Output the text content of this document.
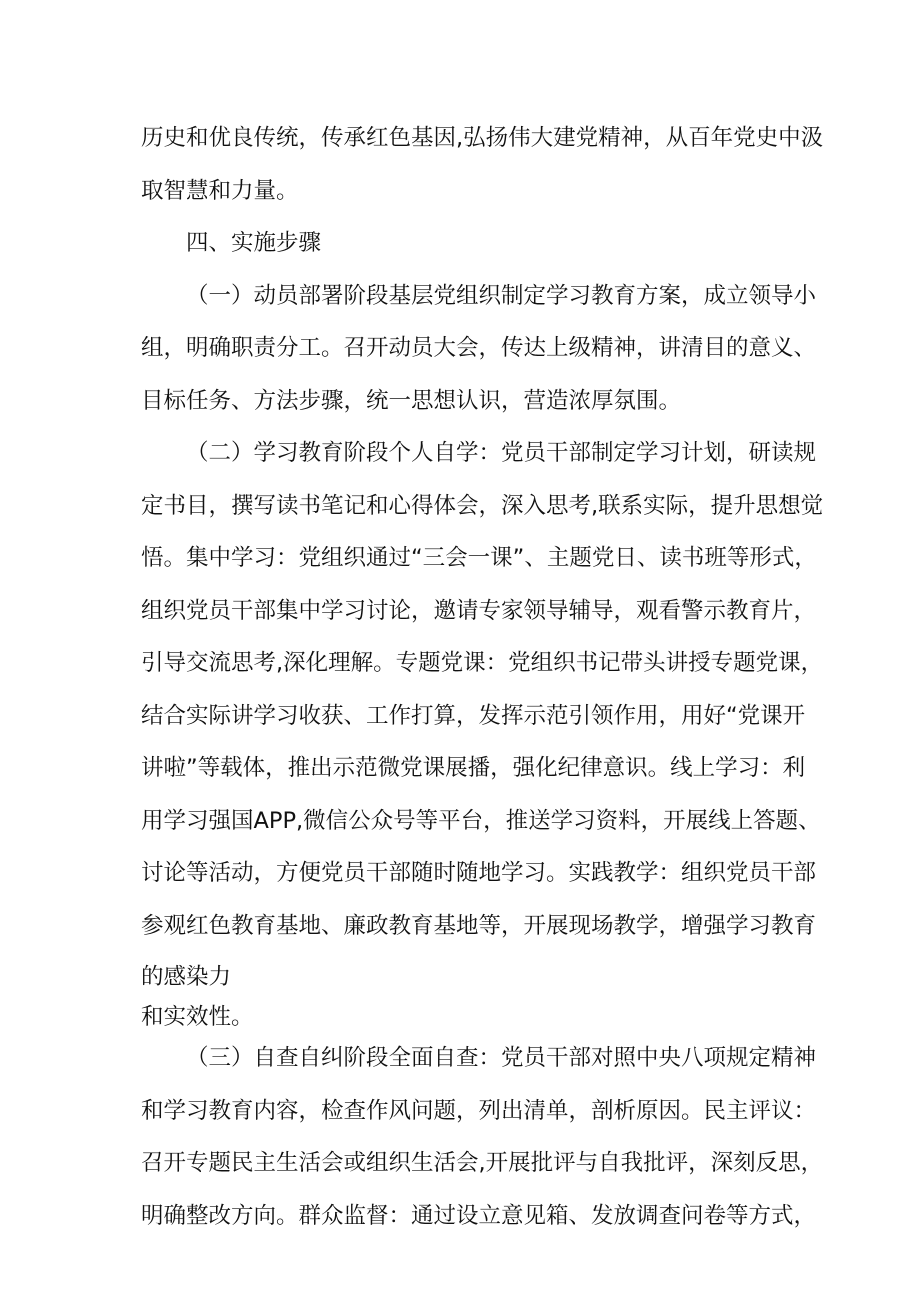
历史和优良传统，传承红色基因,弘扬伟大建党精神，从百年党史中汲
取智慧和力量。
四、实施步骤
（一）动员部署阶段基层党组织制定学习教育方案，成立领导小
组，明确职责分工。召开动员大会，传达上级精神，讲清目的意义、
目标任务、方法步骤，统一思想认识，营造浓厚氛围。
（二）学习教育阶段个人自学：党员干部制定学习计划，研读规
定书目，撰写读书笔记和心得体会，深入思考,联系实际，提升思想觉
悟。集中学习：党组织通过“三会一课”、主题党日、读书班等形式，
组织党员干部集中学习讨论，邀请专家领导辅导，观看警示教育片，
引导交流思考,深化理解。专题党课：党组织书记带头讲授专题党课，
结合实际讲学习收获、工作打算，发挥示范引领作用，用好“党课开
讲啦”等载体，推出示范微党课展播，强化纪律意识。线上学习：利
用学习强国APP,微信公众号等平台，推送学习资料，开展线上答题、
讨论等活动，方便党员干部随时随地学习。实践教学：组织党员干部
参观红色教育基地、廉政教育基地等，开展现场教学，增强学习教育
的感染力
和实效性。
（三）自查自纠阶段全面自查：党员干部对照中央八项规定精神
和学习教育内容，检查作风问题，列出清单，剖析原因。民主评议：
召开专题民主生活会或组织生活会,开展批评与自我批评，深刻反思，
明确整改方向。群众监督：通过设立意见箱、发放调查问卷等方式，
